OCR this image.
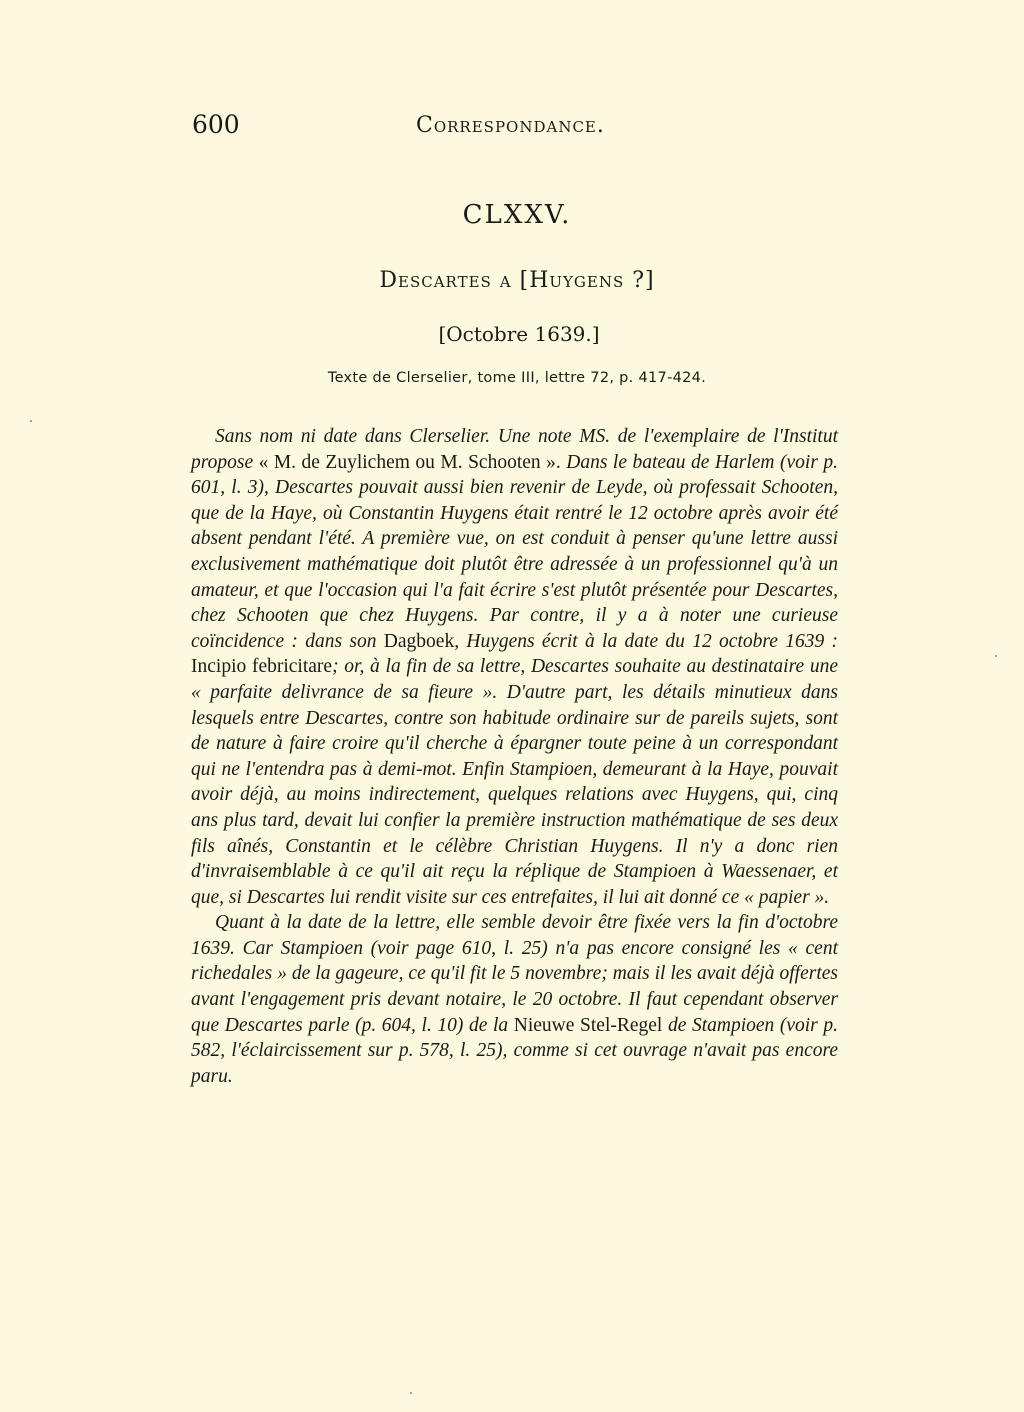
600	Correspondance.
CLXXV.
Descartes a [Huygens ?]
[Octobre 1639.]
Texte de Clerselier, tome III, lettre 72, p. 417-424.

Sans nom ni date dans Clerselier. Une note MS. de l'exemplaire de l'Institut propose « M. de Zuylichem ou M. Schooten ». Dans le bateau de Harlem (voir p. 601, l. 3), Descartes pouvait aussi bien revenir de Leyde, où professait Schooten, que de la Haye, où Constantin Huygens était rentré le 12 octobre après avoir été absent pendant l'été. A première vue, on est conduit à penser qu'une lettre aussi exclusivement mathématique doit plutôt être adressée à un professionnel qu'à un amateur, et que l'occasion qui l'a fait écrire s'est plutôt présentée pour Descartes, chez Schooten que chez Huygens. Par contre, il y a à noter une curieuse coïncidence : dans son Dagboek, Huygens écrit à la date du 12 octobre 1639 : Incipio febricitare; or, à la fin de sa lettre, Descartes souhaite au destinataire une « parfaite delivrance de sa fieure ». D'autre part, les détails minutieux dans lesquels entre Descartes, contre son habitude ordinaire sur de pareils sujets, sont de nature à faire croire qu'il cherche à épargner toute peine à un correspondant qui ne l'entendra pas à demi-mot. Enfin Stampioen, demeurant à la Haye, pouvait avoir déjà, au moins indirectement, quelques relations avec Huygens, qui, cinq ans plus tard, devait lui confier la première instruction mathématique de ses deux fils aînés, Constantin et le célèbre Christian Huygens. Il n'y a donc rien d'invraisemblable à ce qu'il ait reçu la réplique de Stampioen à Waessenaer, et que, si Descartes lui rendit visite sur ces entrefaites, il lui ait donné ce « papier ».

Quant à la date de la lettre, elle semble devoir être fixée vers la fin d'octobre 1639. Car Stampioen (voir page 610, l. 25) n'a pas encore consigné les « cent richedales » de la gageure, ce qu'il fit le 5 novembre; mais il les avait déjà offertes avant l'engagement pris devant notaire, le 20 octobre. Il faut cependant observer que Descartes parle (p. 604, l. 10) de la Nieuwe Stel-Regel de Stampioen (voir p. 582, l'éclaircissement sur p. 578, l. 25), comme si cet ouvrage n'avait pas encore paru.
